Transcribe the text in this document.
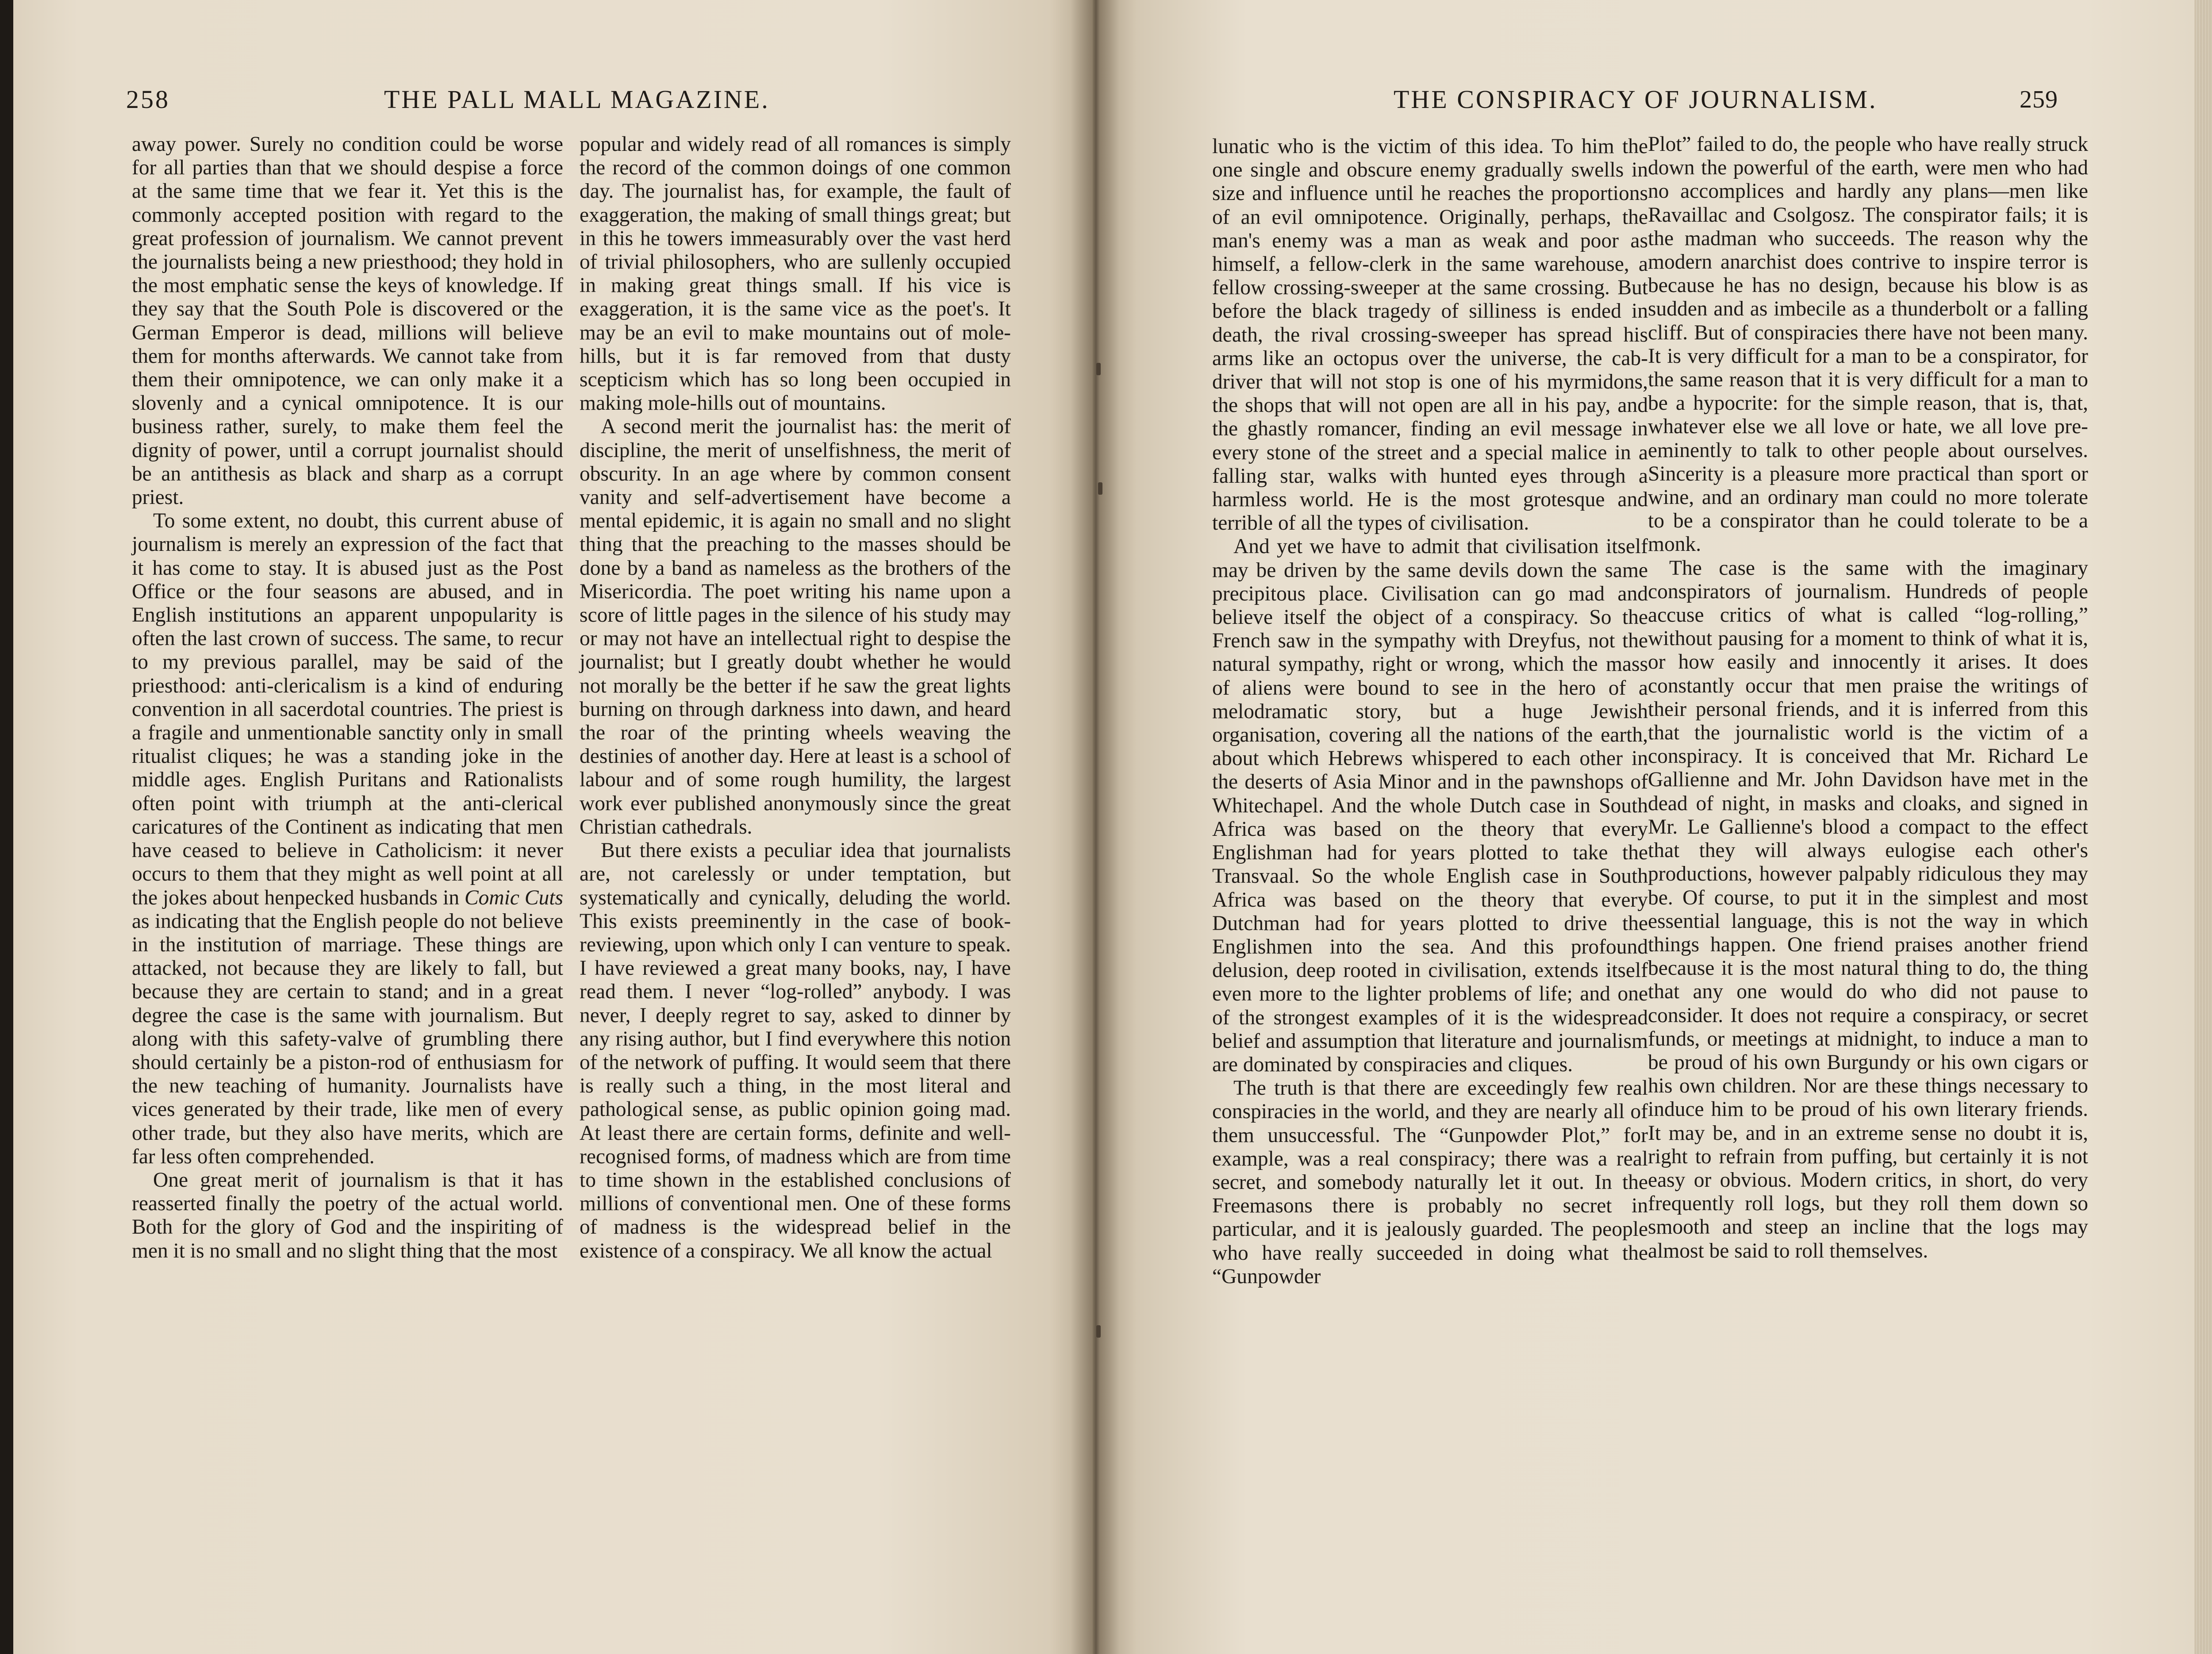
258	THE PALL MALL MAGAZINE.

away power. Surely no condition could be worse for all parties than that we should despise a force at the same time that we fear it. Yet this is the commonly accepted position with regard to the great profession of journalism. We cannot prevent the journalists being a new priesthood; they hold in the most emphatic sense the keys of knowledge. If they say that the South Pole is discovered or the German Emperor is dead, millions will believe them for months afterwards. We cannot take from them their omnipotence, we can only make it a slovenly and a cynical omnipotence. It is our business rather, surely, to make them feel the dignity of power, until a corrupt journalist should be an antithesis as black and sharp as a corrupt priest.

To some extent, no doubt, this current abuse of journalism is merely an expression of the fact that it has come to stay. It is abused just as the Post Office or the four seasons are abused, and in English institutions an apparent unpopularity is often the last crown of success. The same, to recur to my previous parallel, may be said of the priesthood: anti-clericalism is a kind of enduring convention in all sacerdotal countries. The priest is a fragile and unmentionable sanctity only in small ritualist cliques; he was a standing joke in the middle ages. English Puritans and Rationalists often point with triumph at the anti-clerical caricatures of the Continent as indicating that men have ceased to believe in Catholicism: it never occurs to them that they might as well point at all the jokes about henpecked husbands in Comic Cuts as indicating that the English people do not believe in the institution of marriage. These things are attacked, not because they are likely to fall, but because they are certain to stand; and in a great degree the case is the same with journalism. But along with this safety-valve of grumbling there should certainly be a piston-rod of enthusiasm for the new teaching of humanity. Journalists have vices generated by their trade, like men of every other trade, but they also have merits, which are far less often comprehended.

One great merit of journalism is that it has reasserted finally the poetry of the actual world. Both for the glory of God and the inspiriting of men it is no small and no slight thing that the most

popular and widely read of all romances is simply the record of the common doings of one common day. The journalist has, for example, the fault of exaggeration, the making of small things great; but in this he towers immeasurably over the vast herd of trivial philosophers, who are sullenly occupied in making great things small. If his vice is exaggeration, it is the same vice as the poet's. It may be an evil to make mountains out of mole-hills, but it is far removed from that dusty scepticism which has so long been occupied in making mole-hills out of mountains.

A second merit the journalist has: the merit of discipline, the merit of unselfishness, the merit of obscurity. In an age where by common consent vanity and self-advertisement have become a mental epidemic, it is again no small and no slight thing that the preaching to the masses should be done by a band as nameless as the brothers of the Misericordia. The poet writing his name upon a score of little pages in the silence of his study may or may not have an intellectual right to despise the journalist; but I greatly doubt whether he would not morally be the better if he saw the great lights burning on through darkness into dawn, and heard the roar of the printing wheels weaving the destinies of another day. Here at least is a school of labour and of some rough humility, the largest work ever published anonymously since the great Christian cathedrals.

But there exists a peculiar idea that journalists are, not carelessly or under temptation, but systematically and cynically, deluding the world. This exists preeminently in the case of book-reviewing, upon which only I can venture to speak. I have reviewed a great many books, nay, I have read them. I never “log-rolled” anybody. I was never, I deeply regret to say, asked to dinner by any rising author, but I find everywhere this notion of the network of puffing. It would seem that there is really such a thing, in the most literal and pathological sense, as public opinion going mad. At least there are certain forms, definite and well-recognised forms, of madness which are from time to time shown in the established conclusions of millions of conventional men. One of these forms of madness is the widespread belief in the existence of a conspiracy. We all know the actual

THE CONSPIRACY OF JOURNALISM.	259

lunatic who is the victim of this idea. To him the one single and obscure enemy gradually swells in size and influence until he reaches the proportions of an evil omnipotence. Originally, perhaps, the man's enemy was a man as weak and poor as himself, a fellow-clerk in the same warehouse, a fellow crossing-sweeper at the same crossing. But before the black tragedy of silliness is ended in death, the rival crossing-sweeper has spread his arms like an octopus over the universe, the cab-driver that will not stop is one of his myrmidons, the shops that will not open are all in his pay, and the ghastly romancer, finding an evil message in every stone of the street and a special malice in a falling star, walks with hunted eyes through a harmless world. He is the most grotesque and terrible of all the types of civilisation.

And yet we have to admit that civilisation itself may be driven by the same devils down the same precipitous place. Civilisation can go mad and believe itself the object of a conspiracy. So the French saw in the sympathy with Dreyfus, not the natural sympathy, right or wrong, which the mass of aliens were bound to see in the hero of a melodramatic story, but a huge Jewish organisation, covering all the nations of the earth, about which Hebrews whispered to each other in the deserts of Asia Minor and in the pawnshops of Whitechapel. And the whole Dutch case in South Africa was based on the theory that every Englishman had for years plotted to take the Transvaal. So the whole English case in South Africa was based on the theory that every Dutchman had for years plotted to drive the Englishmen into the sea. And this profound delusion, deep rooted in civilisation, extends itself even more to the lighter problems of life; and one of the strongest examples of it is the widespread belief and assumption that literature and journalism are dominated by conspiracies and cliques.

The truth is that there are exceedingly few real conspiracies in the world, and they are nearly all of them unsuccessful. The “Gunpowder Plot,” for example, was a real conspiracy; there was a real secret, and somebody naturally let it out. In the Freemasons there is probably no secret in particular, and it is jealously guarded. The people who have really succeeded in doing what the “Gunpowder

Plot” failed to do, the people who have really struck down the powerful of the earth, were men who had no accomplices and hardly any plans—men like Ravaillac and Csolgosz. The conspirator fails; it is the madman who succeeds. The reason why the modern anarchist does contrive to inspire terror is because he has no design, because his blow is as sudden and as imbecile as a thunderbolt or a falling cliff. But of conspiracies there have not been many. It is very difficult for a man to be a conspirator, for the same reason that it is very difficult for a man to be a hypocrite: for the simple reason, that is, that, whatever else we all love or hate, we all love pre-eminently to talk to other people about ourselves. Sincerity is a pleasure more practical than sport or wine, and an ordinary man could no more tolerate to be a conspirator than he could tolerate to be a monk.

The case is the same with the imaginary conspirators of journalism. Hundreds of people accuse critics of what is called “log-rolling,” without pausing for a moment to think of what it is, or how easily and innocently it arises. It does constantly occur that men praise the writings of their personal friends, and it is inferred from this that the journalistic world is the victim of a conspiracy. It is conceived that Mr. Richard Le Gallienne and Mr. John Davidson have met in the dead of night, in masks and cloaks, and signed in Mr. Le Gallienne's blood a compact to the effect that they will always eulogise each other's productions, however palpably ridiculous they may be. Of course, to put it in the simplest and most essential language, this is not the way in which things happen. One friend praises another friend because it is the most natural thing to do, the thing that any one would do who did not pause to consider. It does not require a conspiracy, or secret funds, or meetings at midnight, to induce a man to be proud of his own Burgundy or his own cigars or his own children. Nor are these things necessary to induce him to be proud of his own literary friends. It may be, and in an extreme sense no doubt it is, right to refrain from puffing, but certainly it is not easy or obvious. Modern critics, in short, do very frequently roll logs, but they roll them down so smooth and steep an incline that the logs may almost be said to roll themselves.
